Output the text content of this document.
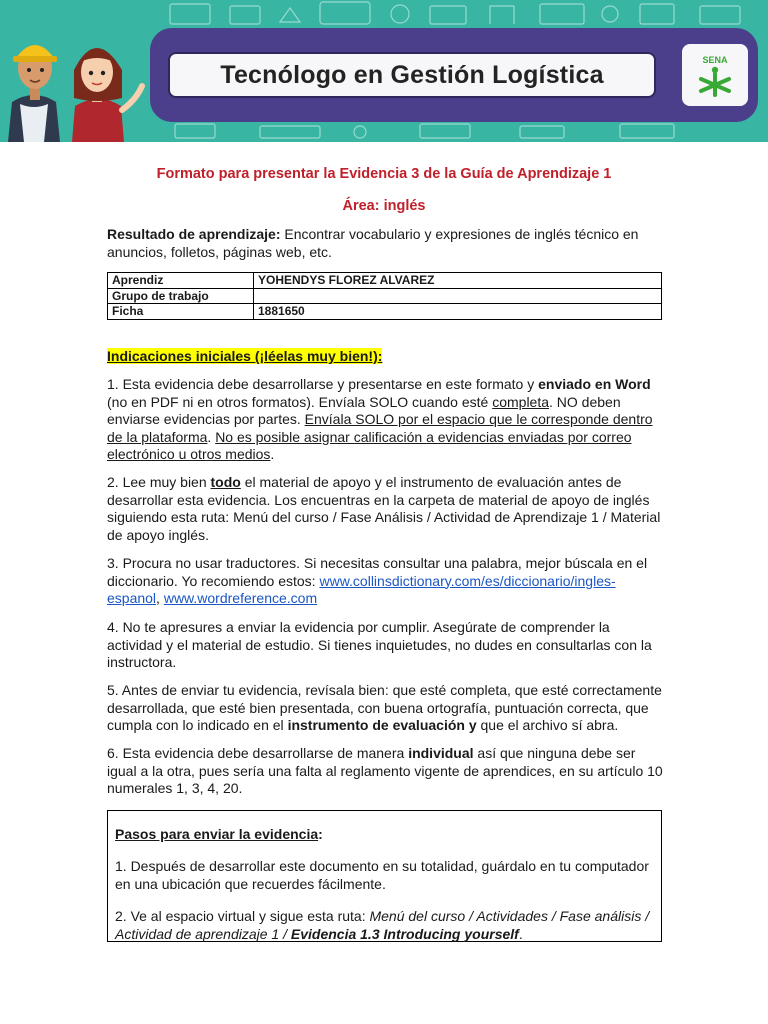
Tecnólogo en Gestión Logística
SENA
Formato para presentar la Evidencia 3 de la Guía de Aprendizaje 1
Área: inglés
Resultado de aprendizaje: Encontrar vocabulario y expresiones de inglés técnico en anuncios, folletos, páginas web, etc.
Aprendiz	YOHENDYS FLOREZ ALVAREZ
Grupo de trabajo	
Ficha	1881650
Indicaciones iniciales (¡léelas muy bien!):
1. Esta evidencia debe desarrollarse y presentarse en este formato y enviado en Word (no en PDF ni en otros formatos). Envíala SOLO cuando esté completa. NO deben enviarse evidencias por partes. Envíala SOLO por el espacio que le corresponde dentro de la plataforma. No es posible asignar calificación a evidencias enviadas por correo electrónico u otros medios.
2. Lee muy bien todo el material de apoyo y el instrumento de evaluación antes de desarrollar esta evidencia. Los encuentras en la carpeta de material de apoyo de inglés siguiendo esta ruta: Menú del curso / Fase Análisis / Actividad de Aprendizaje 1 / Material de apoyo inglés.
3. Procura no usar traductores. Si necesitas consultar una palabra, mejor búscala en el diccionario. Yo recomiendo estos: www.collinsdictionary.com/es/diccionario/ingles-espanol, www.wordreference.com
4. No te apresures a enviar la evidencia por cumplir. Asegúrate de comprender la actividad y el material de estudio. Si tienes inquietudes, no dudes en consultarlas con la instructora.
5. Antes de enviar tu evidencia, revísala bien: que esté completa, que esté correctamente desarrollada, que esté bien presentada, con buena ortografía, puntuación correcta, que cumpla con lo indicado en el instrumento de evaluación y que el archivo sí abra.
6. Esta evidencia debe desarrollarse de manera individual así que ninguna debe ser igual a la otra, pues sería una falta al reglamento vigente de aprendices, en su artículo 10 numerales 1, 3, 4, 20.
Pasos para enviar la evidencia:
1. Después de desarrollar este documento en su totalidad, guárdalo en tu computador en una ubicación que recuerdes fácilmente.
2. Ve al espacio virtual y sigue esta ruta: Menú del curso / Actividades / Fase análisis / Actividad de aprendizaje 1 / Evidencia 1.3 Introducing yourself.
